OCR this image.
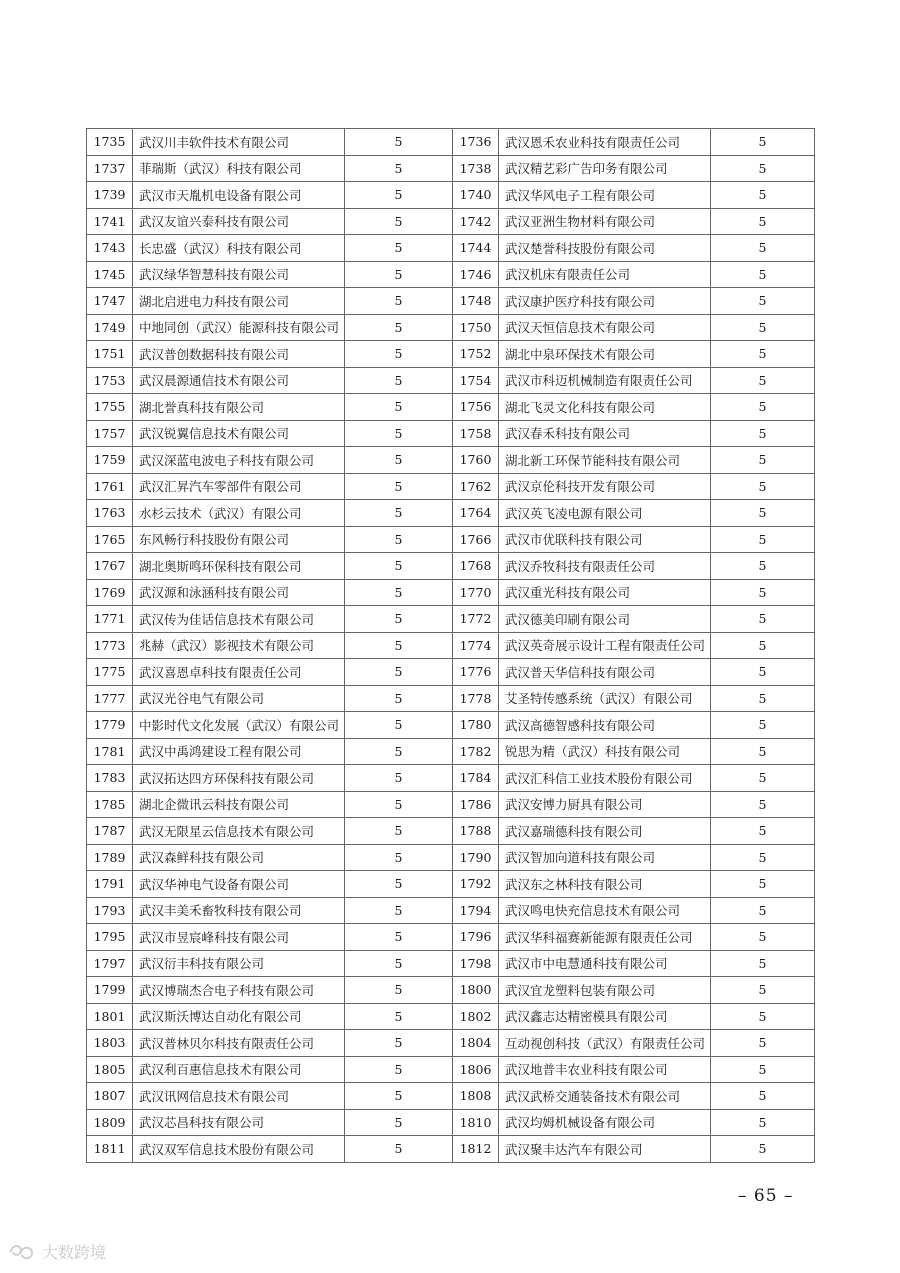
1735	武汉川丰软件技术有限公司	5	1736	武汉恩禾农业科技有限责任公司	5
1737	菲瑞斯（武汉）科技有限公司	5	1738	武汉精艺彩广告印务有限公司	5
1739	武汉市天胤机电设备有限公司	5	1740	武汉华风电子工程有限公司	5
1741	武汉友谊兴泰科技有限公司	5	1742	武汉亚洲生物材料有限公司	5
1743	长忠盛（武汉）科技有限公司	5	1744	武汉楚誉科技股份有限公司	5
1745	武汉绿华智慧科技有限公司	5	1746	武汉机床有限责任公司	5
1747	湖北启进电力科技有限公司	5	1748	武汉康护医疗科技有限公司	5
1749	中地同创（武汉）能源科技有限公司	5	1750	武汉天恒信息技术有限公司	5
1751	武汉普创数据科技有限公司	5	1752	湖北中泉环保技术有限公司	5
1753	武汉晨源通信技术有限公司	5	1754	武汉市科迈机械制造有限责任公司	5
1755	湖北誉真科技有限公司	5	1756	湖北飞灵文化科技有限公司	5
1757	武汉锐翼信息技术有限公司	5	1758	武汉春禾科技有限公司	5
1759	武汉深蓝电波电子科技有限公司	5	1760	湖北新工环保节能科技有限公司	5
1761	武汉汇昇汽车零部件有限公司	5	1762	武汉京伦科技开发有限公司	5
1763	水杉云技术（武汉）有限公司	5	1764	武汉英飞凌电源有限公司	5
1765	东风畅行科技股份有限公司	5	1766	武汉市优联科技有限公司	5
1767	湖北奥斯鸣环保科技有限公司	5	1768	武汉乔牧科技有限责任公司	5
1769	武汉源和泳涵科技有限公司	5	1770	武汉重光科技有限公司	5
1771	武汉传为佳话信息技术有限公司	5	1772	武汉德美印刷有限公司	5
1773	兆赫（武汉）影视技术有限公司	5	1774	武汉英奇展示设计工程有限责任公司	5
1775	武汉喜恩卓科技有限责任公司	5	1776	武汉普天华信科技有限公司	5
1777	武汉光谷电气有限公司	5	1778	艾圣特传感系统（武汉）有限公司	5
1779	中影时代文化发展（武汉）有限公司	5	1780	武汉高德智感科技有限公司	5
1781	武汉中禹鸿建设工程有限公司	5	1782	锐思为精（武汉）科技有限公司	5
1783	武汉拓达四方环保科技有限公司	5	1784	武汉汇科信工业技术股份有限公司	5
1785	湖北企微讯云科技有限公司	5	1786	武汉安博力厨具有限公司	5
1787	武汉无限星云信息技术有限公司	5	1788	武汉嘉瑞德科技有限公司	5
1789	武汉森鲜科技有限公司	5	1790	武汉智加向道科技有限公司	5
1791	武汉华神电气设备有限公司	5	1792	武汉东之林科技有限公司	5
1793	武汉丰美禾畜牧科技有限公司	5	1794	武汉鸣电快充信息技术有限公司	5
1795	武汉市昱宸峰科技有限公司	5	1796	武汉华科福赛新能源有限责任公司	5
1797	武汉衍丰科技有限公司	5	1798	武汉市中电慧通科技有限公司	5
1799	武汉博瑞杰合电子科技有限公司	5	1800	武汉宜龙塑料包装有限公司	5
1801	武汉斯沃博达自动化有限公司	5	1802	武汉鑫志达精密模具有限公司	5
1803	武汉普林贝尔科技有限责任公司	5	1804	互动视创科技（武汉）有限责任公司	5
1805	武汉利百惠信息技术有限公司	5	1806	武汉地普丰农业科技有限公司	5
1807	武汉讯网信息技术有限公司	5	1808	武汉武桥交通装备技术有限公司	5
1809	武汉芯昌科技有限公司	5	1810	武汉均姆机械设备有限公司	5
1811	武汉双军信息技术股份有限公司	5	1812	武汉聚丰达汽车有限公司	5
– 65 –
大数跨境
